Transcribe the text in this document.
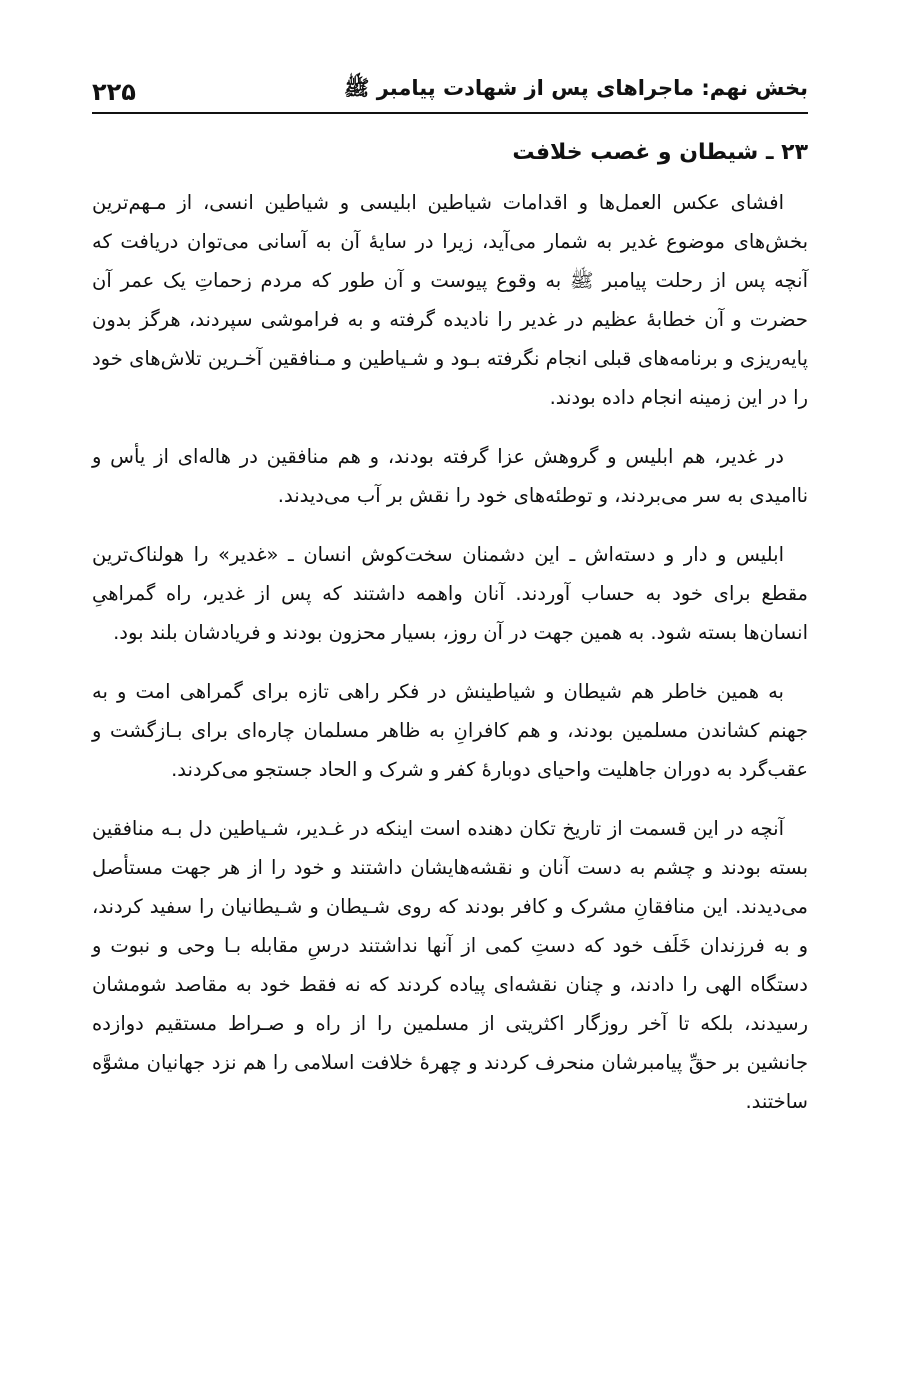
بخش نهم: ماجراهای پس از شهادت پیامبر ﷺ
۲۲۵
۲۳ ـ شیطان و غصب خلافت

افشای عکس العمل‌ها و اقدامات شیاطین ابلیسی و شیاطین انسی، از مـهم‌ترین بخش‌های موضوع غدیر به شمار می‌آید، زیرا در سایهٔ آن به آسانی می‌توان دریافت که آنچه پس از رحلت پیامبر ﷺ به وقوع پیوست و آن طور که مردم زحماتِ یک عمر آن حضرت و آن خطابهٔ عظیم در غدیر را نادیده گرفته و به فراموشی سپردند، هرگز بدون پایه‌ریزی و برنامه‌های قبلی انجام نگرفته بـود و شـیاطین و مـنافقین آخـرین تلاش‌های خود را در این زمینه انجام داده بودند.

در غدیر، هم ابلیس و گروهش عزا گرفته بودند، و هم منافقین در هاله‌ای از یأس و ناامیدی به سر می‌بردند، و توطئه‌های خود را نقش بر آب می‌دیدند.

ابلیس و دار و دسته‌اش ـ این دشمنان سخت‌کوش انسان ـ «غدیر» را هولناک‌ترین مقطع برای خود به حساب آوردند. آنان واهمه داشتند که پس از غدیر، راه گمراهیِ انسان‌ها بسته شود. به همین جهت در آن روز، بسیار محزون بودند و فریادشان بلند بود.

به همین خاطر هم شیطان و شیاطینش در فکر راهی تازه برای گمراهی امت و به جهنم کشاندن مسلمین بودند، و هم کافرانِ به ظاهر مسلمان چاره‌ای برای بـازگشت و عقب‌گرد به دوران جاهلیت واحیای دوبارهٔ کفر و شرک و الحاد جستجو می‌کردند.

آنچه در این قسمت از تاریخ تکان دهنده است اینکه در غـدیر، شـیاطین دل بـه منافقین بسته بودند و چشم به دست آنان و نقشه‌هایشان داشتند و خود را از هر جهت مستأصل می‌دیدند. این منافقانِ مشرک و کافر بودند که روی شـیطان و شـیطانیان را سفید کردند، و به فرزندان خَلَف خود که دستِ کمی از آنها نداشتند درسِ مقابله بـا وحی و نبوت و دستگاه الهی را دادند، و چنان نقشه‌ای پیاده کردند که نه فقط خود به مقاصد شومشان رسیدند، بلکه تا آخر روزگار اکثریتی از مسلمین را از راه و صـراط مستقیم دوازده جانشین بر حقِّ پیامبرشان منحرف کردند و چهرهٔ خلافت اسلامی را هم نزد جهانیان مشوَّه ساختند.
